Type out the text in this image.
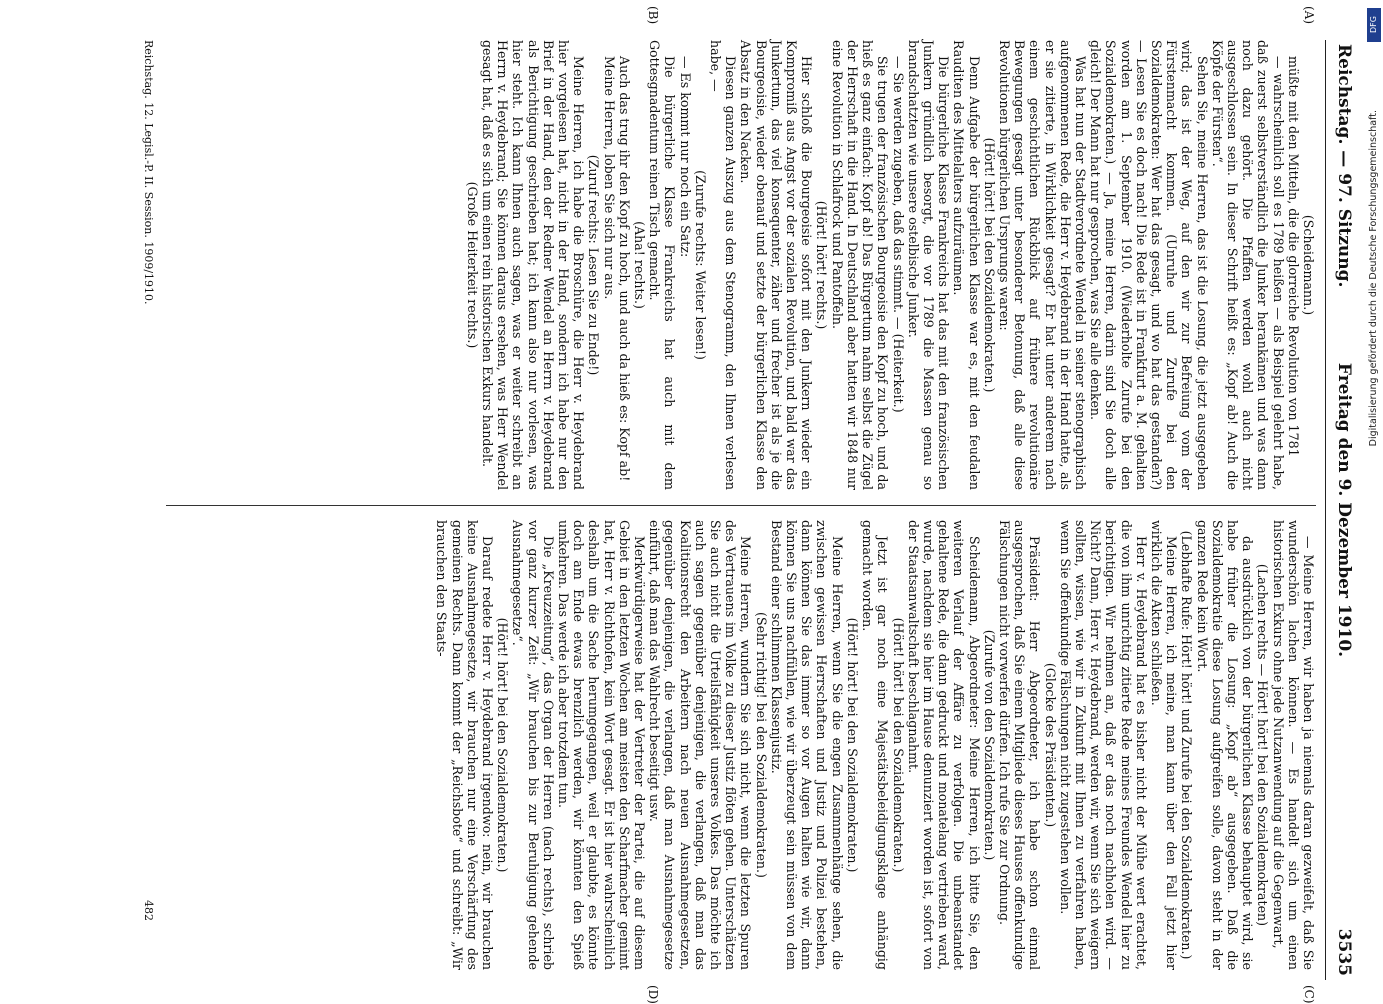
Reichstag. — 97. Sitzung.
Freitag den 9. Dezember 1910.
3535

(Scheidemann.)

müßte mit den Mitteln, die die glorreiche Revolution von 1781

— wahrscheinlich soll es 1789 heißen — als Beispiel gelehrt habe, daß zuerst selbstverständlich die Junker herankämen und was dann noch dazu gehört. Die Pfaffen werden wohl auch nicht ausgeschlossen sein. In dieser Schrift heißt es: „Kopf ab! Auch die Köpfe der Fürsten“.

Sehen Sie, meine Herren, das ist die Losung, die jetzt ausgegeben wird; das ist der Weg, auf den wir zur Befreiung vom der Fürstenmacht kommen. (Unruhe und Zurufe bei den Sozialdemokraten: Wer hat das gesagt, und wo hat das gestanden?) — Lesen Sie es doch nach! Die Rede ist in Frankfurt a. M. gehalten worden am 1. September 1910. (Wiederholte Zurufe bei den Sozialdemokraten.) — Ja, meine Herren, darin sind Sie doch alle gleich! Der Mann hat nur gesprochen, was Sie alle denken.

Was hat nun der Stadtverordnete Wendel in seiner stenographisch aufgenommenen Rede, die Herr v. Heydebrand in der Hand hatte, als er sie zitierte, in Wirklichkeit gesagt? Er hat unter anderem nach einem geschichtlichen Rückblick auf frühere revolutionäre Bewegungen gesagt unter besonderer Betonung, daß alle diese Revolutionen bürgerlichen Ursprungs waren:

(Hört! hört! bei den Sozialdemokraten.)

Denn Aufgabe der bürgerlichen Klasse war es, mit den feudalen Rauditen des Mittelalters aufzuräumen.

Die bürgerliche Klasse Frankreichs hat das mit den französischen Junkern gründlich besorgt, die vor 1789 die Massen genau so brandschatzten wie unsere ostelbische Junker.

— Sie werden zugeben, daß das stimmt. — (Heiterkeit.)

Sie trugen der französischen Bourgeoisie den Kopf zu hoch, und da hieß es ganz einfach: Kopf ab! Das Bürgertum nahm selbst die Zügel der Herrschaft in die Hand. In Deutschland aber hatten wir 1848 nur eine Revolution in Schlafrock und Pantoffeln.

(Hört! hört! rechts.)

Hier schloß die Bourgeoisie sofort mit den Junkern wieder ein Kompromiß aus Angst vor der sozialen Revolution, und bald war das Junkertum, das viel konsequenter, zäher und frecher ist als je die Bourgeoisie, wieder obenauf und setzte der bürgerlichen Klasse den Absatz in den Nacken.

Diesen ganzen Auszug aus dem Stenogramm, den Ihnen verlesen habe, —

(Zurufe rechts: Weiter lesen!)

— Es kommt nur noch ein Satz:

Die bürgerliche Klasse Frankreichs hat auch mit dem Gottesgnadentum reinen Tisch gemacht.

(Aha! rechts.)

Auch das trug ihr den Kopf zu hoch, und auch da hieß es: Kopf ab!

Meine Herren, loben Sie sich nur aus.

(Zuruf rechts: Lesen Sie zu Ende!)

Meine Herren, ich habe die Broschüre, die Herr v. Heydebrand hier vorgelesen hat, nicht in der Hand, sondern ich habe nur den Brief in der Hand, den der Redner Wendel an Herrn v. Heydebrand als Berichtigung geschrieben hat; ich kann also nur vorlesen, was hier steht. Ich kann Ihnen auch sagen, was er weiter schreibt an Herrn v. Heydebrand; Sie können daraus ersehen, was Herr Wendel gesagt hat, daß es sich um einen rein historischen Exkurs handelt.

(Große Heiterkeit rechts.)

— Meine Herren, wir haben ja niemals daran gezweifelt, daß Sie wunderschön lachen können. — Es handelt sich um einen historischen Exkurs ohne jede Nutzanwendung auf die Gegenwart,

(Lachen rechts — Hört! hört! bei den Sozialdemokraten)

da ausdrücklich von der bürgerlichen Klasse behauptet wird, sie habe früher die Losung: „Kopf ab“ ausgegeben. Daß die Sozialdemokratie diese Losung aufgreifen solle, davon steht in der ganzen Rede kein Wort.

(Lebhafte Rufe: Hört! hört! und Zurufe bei den Sozialdemokraten.)

Meine Herren, ich meine, man kann über den Fall jetzt hier wirklich die Akten schließen.

Herr v. Heydebrand hat es bisher nicht der Mühe wert erachtet, die von ihm unrichtig zitierte Rede meines Freundes Wendel hier zu berichtigen. Wir nehmen an, daß er das noch nachholen wird. — Nicht? Dann, Herr v. Heydebrand, werden wir, wenn Sie sich weigern sollten, wissen, wie wir in Zukunft mit Ihnen zu verfahren haben, wenn Sie offenkundige Fälschungen nicht zugestehen wollen.

(Glocke des Präsidenten.)

Präsident: Herr Abgeordneter, ich habe schon einmal ausgesprochen, daß Sie einem Mitgliede dieses Hauses offenkundige Fälschungen nicht vorwerfen dürfen. Ich rufe Sie zur Ordnung.

(Zurufe von den Sozialdemokraten.)

Scheidemann, Abgeordneter: Meine Herren, ich bitte Sie, den weiteren Verlauf der Affäre zu verfolgen. Die unbeanstandet gehaltene Rede, die dann gedruckt und monatelang vertrieben ward, wurde, nachdem sie hier im Hause denunziert worden ist, sofort von der Staatsanwaltschaft beschlagnahmt.

(Hört! hört! bei den Sozialdemokraten.)

Jetzt ist gar noch eine Majestätsbeleidigungsklage anhängig gemacht worden.

(Hört! hört! bei den Sozialdemokraten.)

Meine Herren, wenn Sie die engen Zusammenhänge sehen, die zwischen gewissen Herrschaften und Justiz und Polizei bestehen, dann können Sie das immer so vor Augen halten wie wir, dann können Sie uns nachfühlen, wie wir überzeugt sein müssen von dem Bestand einer schlimmen Klassenjustiz.

(Sehr richtig! bei den Sozialdemokraten.)

Meine Herren, wundern Sie sich nicht, wenn die letzten Spuren des Vertrauens im Volke zu dieser Justiz flöten gehen. Unterschätzen Sie auch nicht die Urteilsfähigkeit unseres Volkes. Das möchte ich auch sagen gegenüber denjenigen, die verlangen, daß man das Koalitionsrecht den Arbeitern nach neuen Ausnahmegesetzen, gegenüber denjenigen, die verlangen, daß man Ausnahmegesetze einführt, daß man das Wahlrecht beseitigt usw.

Merkwürdigerweise hat der Vertreter der Partei, die auf diesem Gebiet in den letzten Wochen am meisten den Scharfmacher gemimt hat, Herr v. Richthofen, kein Wort gesagt. Er ist hier wahrscheinlich deshalb um die Sache herumgegangen, weil er glaubte, es könnte doch am Ende etwas brenzlich werden, wir könnten den Spieß umkehren. Das werde ich aber trotzdem tun.

Die „Kreuzzeitung“, das Organ der Herren (nach rechts), schrieb vor ganz kurzer Zeit: „Wir brauchen bis zur Beruhigung gehende Ausnahmegesetze“.

(Hört! hört! bei den Sozialdemokraten.)

Darauf redete Herr v. Heydebrand irgendwo: nein, wir brauchen keine Ausnahmegesetze, wir brauchen nur eine Verschärfung des gemeinen Rechts. Dann kommt der „Reichsbote“ und schreibt: „Wir brauchen den Staats-

(A)
(B)
(C)
(D)
Reichstag. 12. Legisl.-P. II. Session. 1909/1910.
482
DFG
Digitalisierung gefördert durch die Deutsche Forschungsgemeinschaft.
